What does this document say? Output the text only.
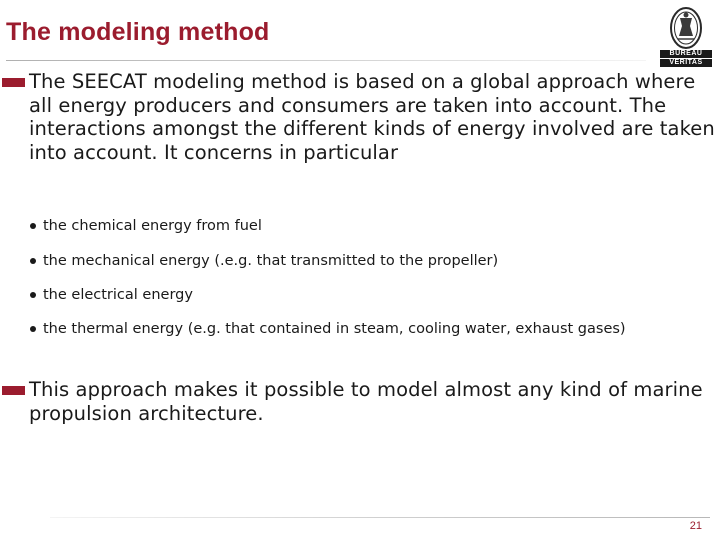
The modeling method
BUREAU
VERITAS
The SEECAT modeling method is based on a global approach where all energy producers and consumers are taken into account. The interactions amongst the different kinds of energy involved are taken into account. It concerns in particular
the chemical energy from fuel
the mechanical energy (.e.g. that transmitted to the propeller)
the electrical energy
the thermal energy (e.g. that contained in steam, cooling water, exhaust gases)
This approach makes it possible to model almost any kind of marine propulsion architecture.
21
